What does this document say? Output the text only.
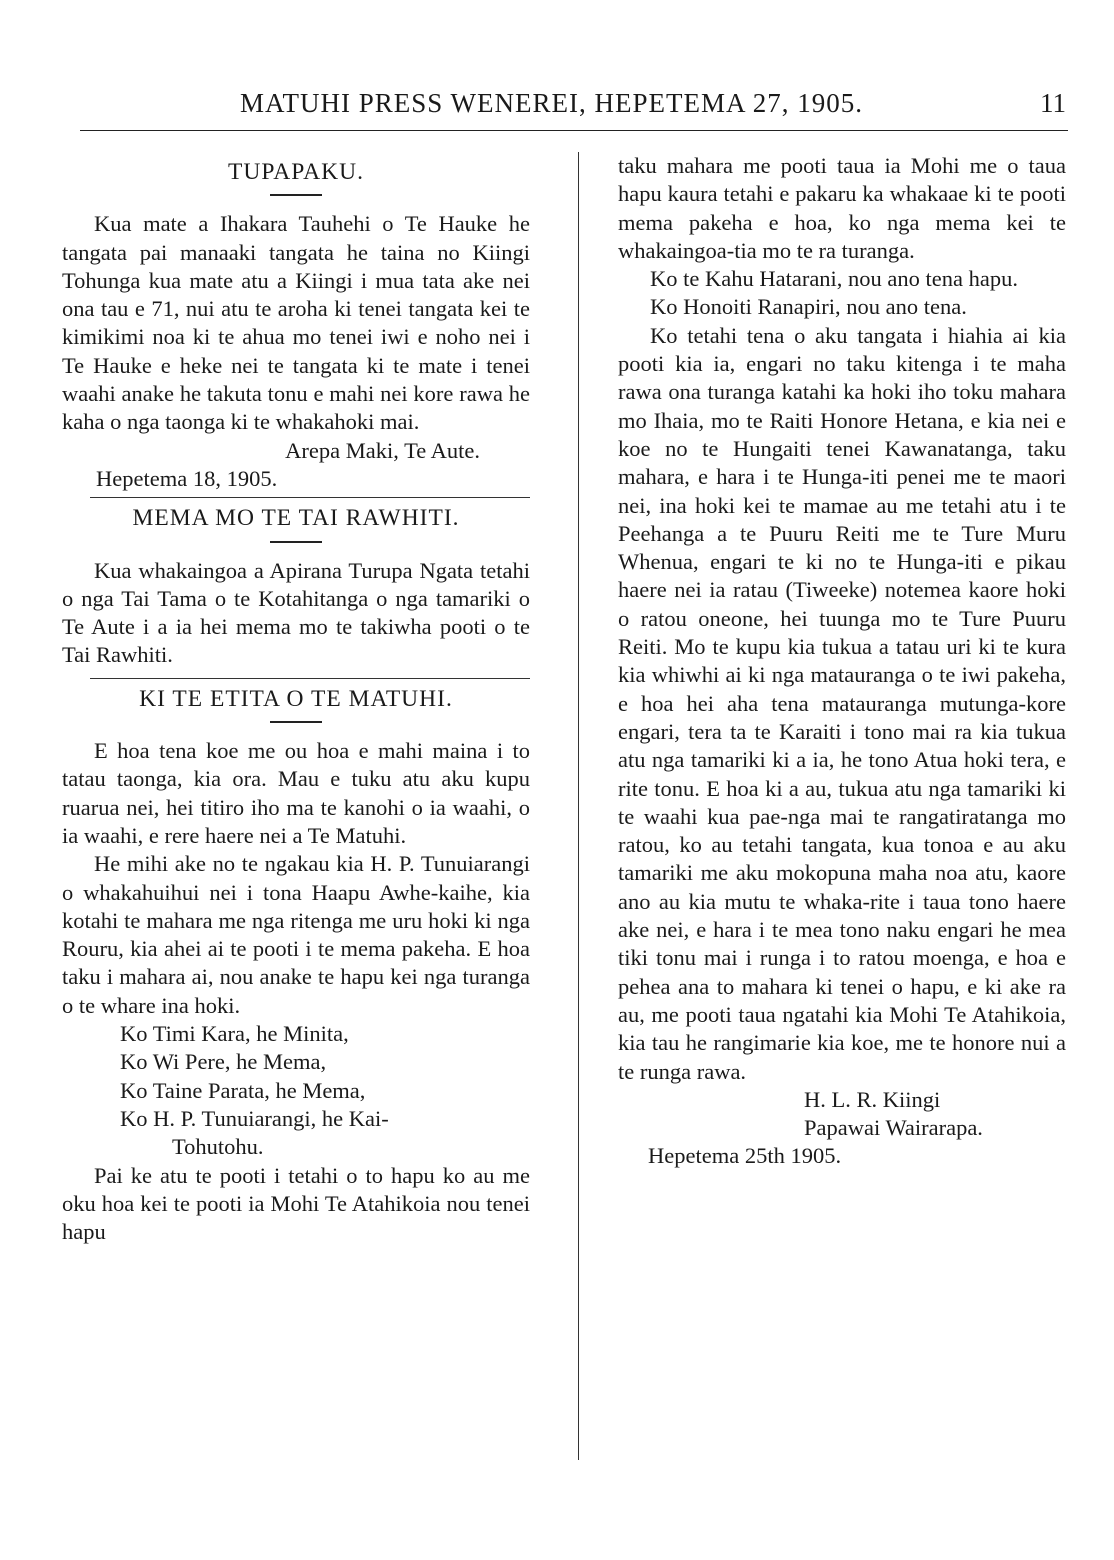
MATUHI PRESS WENEREI, HEPETEMA 27, 1905.	11
TUPAPAKU.

Kua mate a Ihakara Tauhehi o Te Hauke he tangata pai manaaki tangata he taina no Kiingi Tohunga kua mate atu a Kiingi i mua tata ake nei ona tau e 71, nui atu te aroha ki tenei tangata kei te kimikimi noa ki te ahua mo tenei iwi e noho nei i Te Hauke e heke nei te tangata ki te mate i tenei waahi anake he takuta tonu e mahi nei kore rawa he kaha o nga taonga ki te whakahoki mai.

Arepa Maki, Te Aute.
Hepetema 18, 1905.
MEMA MO TE TAI RAWHITI.

Kua whakaingoa a Apirana Turupa Ngata tetahi o nga Tai Tama o te Kotahitanga o nga tamariki o Te Aute i a ia hei mema mo te takiwha pooti o te Tai Rawhiti.

KI TE ETITA O TE MATUHI.

E hoa tena koe me ou hoa e mahi maina i to tatau taonga, kia ora. Mau e tuku atu aku kupu ruarua nei, hei titiro iho ma te kanohi o ia waahi, o ia waahi, e rere haere nei a Te Matuhi.

He mihi ake no te ngakau kia H. P. Tunuiarangi o whakahuihui nei i tona Haapu Awhe-kaihe, kia kotahi te mahara me nga ritenga me uru hoki ki nga Rouru, kia ahei ai te pooti i te mema pakeha. E hoa taku i mahara ai, nou anake te hapu kei nga turanga o te whare ina hoki.

Ko Timi Kara, he Minita,
Ko Wi Pere, he Mema,
Ko Taine Parata, he Mema,
Ko H. P. Tunuiarangi, he Kai-
Tohutohu.

Pai ke atu te pooti i tetahi o to hapu ko au me oku hoa kei te pooti ia Mohi Te Atahikoia nou tenei hapu

taku mahara me pooti taua ia Mohi me o taua hapu kaura tetahi e pakaru ka whakaae ki te pooti mema pakeha e hoa, ko nga mema kei te whakaingoa-tia mo te ra turanga.

Ko te Kahu Hatarani, nou ano tena hapu.

Ko Honoiti Ranapiri, nou ano tena.

Ko tetahi tena o aku tangata i hiahia ai kia pooti kia ia, engari no taku kitenga i te maha rawa ona turanga katahi ka hoki iho toku mahara mo Ihaia, mo te Raiti Honore Hetana, e kia nei e koe no te Hungaiti tenei Kawanatanga, taku mahara, e hara i te Hunga-iti penei me te maori nei, ina hoki kei te mamae au me tetahi atu i te Peehanga a te Puuru Reiti me te Ture Muru Whenua, engari te ki no te Hunga-iti e pikau haere nei ia ratau (Tiweeke) notemea kaore hoki o ratou oneone, hei tuunga mo te Ture Puuru Reiti. Mo te kupu kia tukua a tatau uri ki te kura kia whiwhi ai ki nga matauranga o te iwi pakeha, e hoa hei aha tena matauranga mutunga-kore engari, tera ta te Karaiti i tono mai ra kia tukua atu nga tamariki ki a ia, he tono Atua hoki tera, e rite tonu. E hoa ki a au, tukua atu nga tamariki ki te waahi kua pae-nga mai te rangatiratanga mo ratou, ko au tetahi tangata, kua tonoa e au aku tamariki me aku mokopuna maha noa atu, kaore ano au kia mutu te whaka-rite i taua tono haere ake nei, e hara i te mea tono naku engari he mea tiki tonu mai i runga i to ratou moenga, e hoa e pehea ana to mahara ki tenei o hapu, e ki ake ra au, me pooti taua ngatahi kia Mohi Te Atahikoia, kia tau he rangimarie kia koe, me te honore nui a te runga rawa.

H. L. R. Kiingi
Papawai Wairarapa.
Hepetema 25th 1905.
